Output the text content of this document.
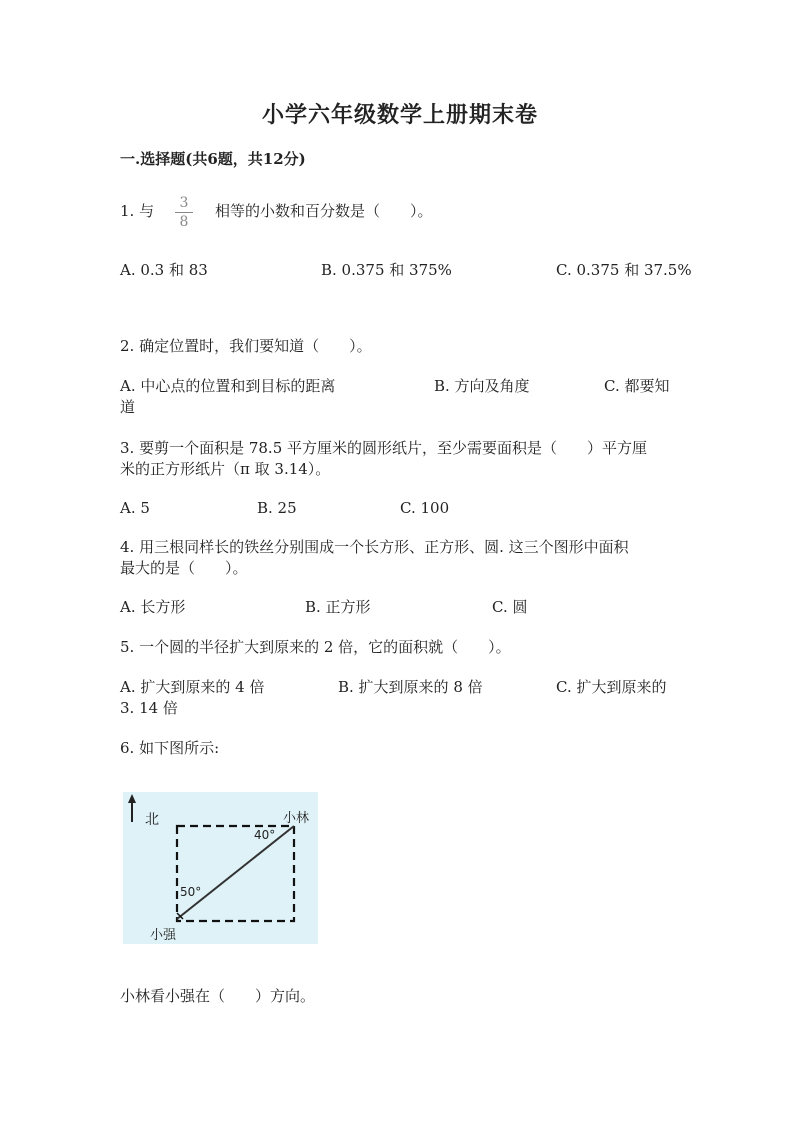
小学六年级数学上册期末卷
一.选择题(共6题，共12分)
1. 与	3
8
相等的小数和百分数是（　　）。
A. 0.3 和 83	B. 0.375 和 375%	C. 0.375 和 37.5%
2. 确定位置时，我们要知道（　　）。
A. 中心点的位置和到目标的距离	B. 方向及角度	C. 都要知
道
3. 要剪一个面积是 78.5 平方厘米的圆形纸片，至少需要面积是（　　）平方厘
米的正方形纸片（π 取 3.14）。
A. 5	B. 25	C. 100
4. 用三根同样长的铁丝分别围成一个长方形、正方形、圆. 这三个图形中面积
最大的是（　　）。
A. 长方形	B. 正方形	C. 圆
5. 一个圆的半径扩大到原来的 2 倍，它的面积就（　　）。
A. 扩大到原来的 4 倍	B. 扩大到原来的 8 倍	C. 扩大到原来的
3. 14 倍
6. 如下图所示:
北	小林
40°
50°
小强
小林看小强在（　　）方向。
